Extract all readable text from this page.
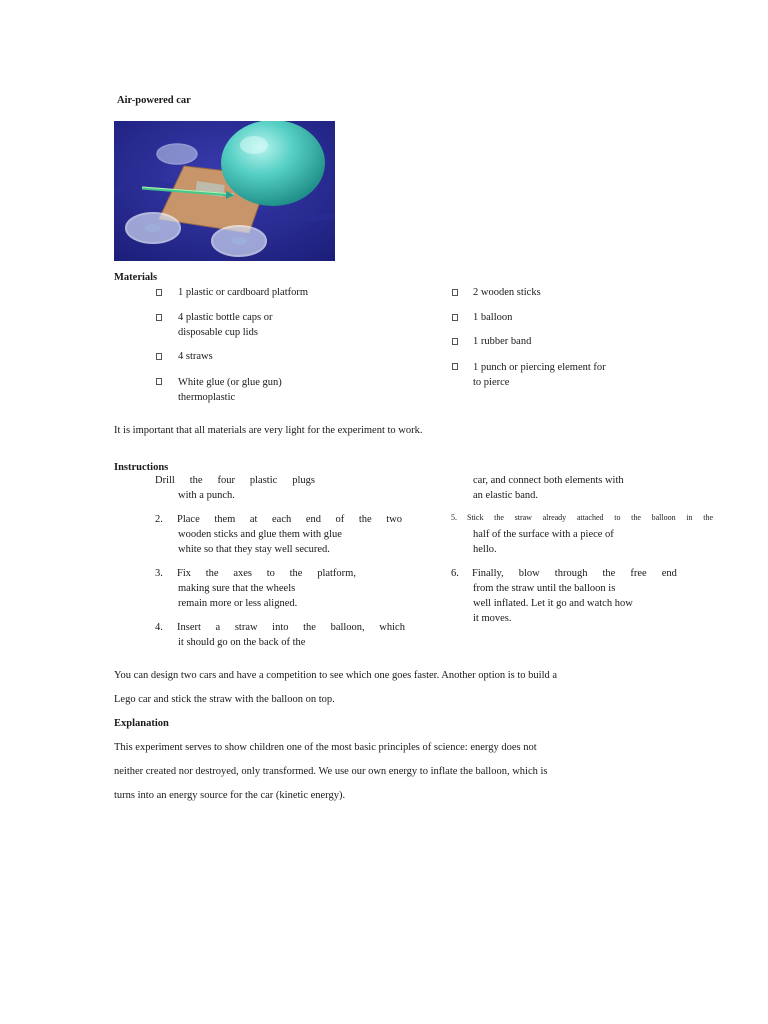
Air-powered car
Materials
1 plastic or cardboard platform
4 plastic bottle caps or
disposable cup lids
4 straws
White glue (or glue gun)
thermoplastic
2 wooden sticks
1 balloon
1 rubber band
1 punch or piercing element for
to pierce
It is important that all materials are very light for the experiment to work.
Instructions
Drill the four plastic plugs
with a punch.
2. Place them at each end of the two
wooden sticks and glue them with glue
white so that they stay well secured.
3. Fix the axes to the platform,
making sure that the wheels
remain more or less aligned.
4. Insert a straw into the balloon, which
it should go on the back of the
car, and connect both elements with
an elastic band.
5. Stick the straw already attached to the balloon in the
half of the surface with a piece of
hello.
6. Finally, blow through the free end
from the straw until the balloon is
well inflated. Let it go and watch how
it moves.
You can design two cars and have a competition to see which one goes faster. Another option is to build a
Lego car and stick the straw with the balloon on top.
Explanation
This experiment serves to show children one of the most basic principles of science: energy does not
neither created nor destroyed, only transformed. We use our own energy to inflate the balloon, which is
turns into an energy source for the car (kinetic energy).
